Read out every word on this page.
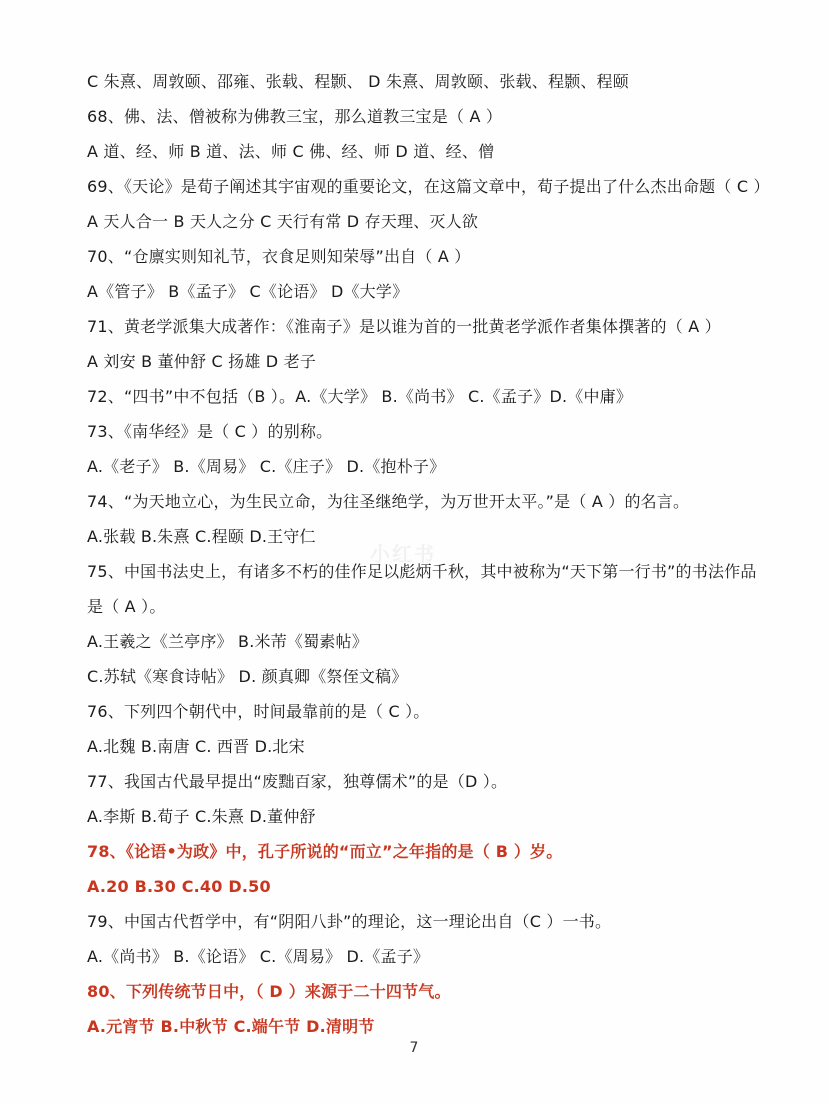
小红书
C 朱熹、周敦颐、邵雍、张载、程颢、 D 朱熹、周敦颐、张载、程颢、程颐
68、佛、法、僧被称为佛教三宝，那么道教三宝是（ A ）
A 道、经、师 B 道、法、师 C 佛、经、师 D 道、经、僧
69、《天论》是荀子阐述其宇宙观的重要论文，在这篇文章中，荀子提出了什么杰出命题（ C ）
A 天人合一 B 天人之分 C 天行有常 D 存天理、灭人欲
70、“仓廪实则知礼节，衣食足则知荣辱”出自（ A ）
A《管子》 B《孟子》 C《论语》 D《大学》
71、黄老学派集大成著作：《淮南子》是以谁为首的一批黄老学派作者集体撰著的（ A ）
A 刘安 B 董仲舒 C 扬雄 D 老子
72、“四书”中不包括（B ）。A.《大学》 B.《尚书》 C.《孟子》D.《中庸》
73、《南华经》是（ C ）的别称。
A.《老子》 B.《周易》 C.《庄子》 D.《抱朴子》
74、“为天地立心，为生民立命，为往圣继绝学，为万世开太平。”是（ A ）的名言。
A.张载 B.朱熹 C.程颐 D.王守仁
75、中国书法史上，有诸多不朽的佳作足以彪炳千秋，其中被称为“天下第一行书”的书法作品
是（ A ）。
A.王羲之《兰亭序》 B.米芾《蜀素帖》
C.苏轼《寒食诗帖》 D. 颜真卿《祭侄文稿》
76、下列四个朝代中，时间最靠前的是（ C ）。
A.北魏 B.南唐 C. 西晋 D.北宋
77、我国古代最早提出“废黜百家，独尊儒术”的是（D ）。
A.李斯 B.荀子 C.朱熹 D.董仲舒
78、《论语•为政》中，孔子所说的“而立”之年指的是（ B ）岁。
A.20 B.30 C.40 D.50
79、中国古代哲学中，有“阴阳八卦”的理论，这一理论出自（C ）一书。
A.《尚书》 B.《论语》 C.《周易》 D.《孟子》
80、下列传统节日中，（ D ）来源于二十四节气。
A.元宵节 B.中秋节 C.端午节 D.清明节
7
